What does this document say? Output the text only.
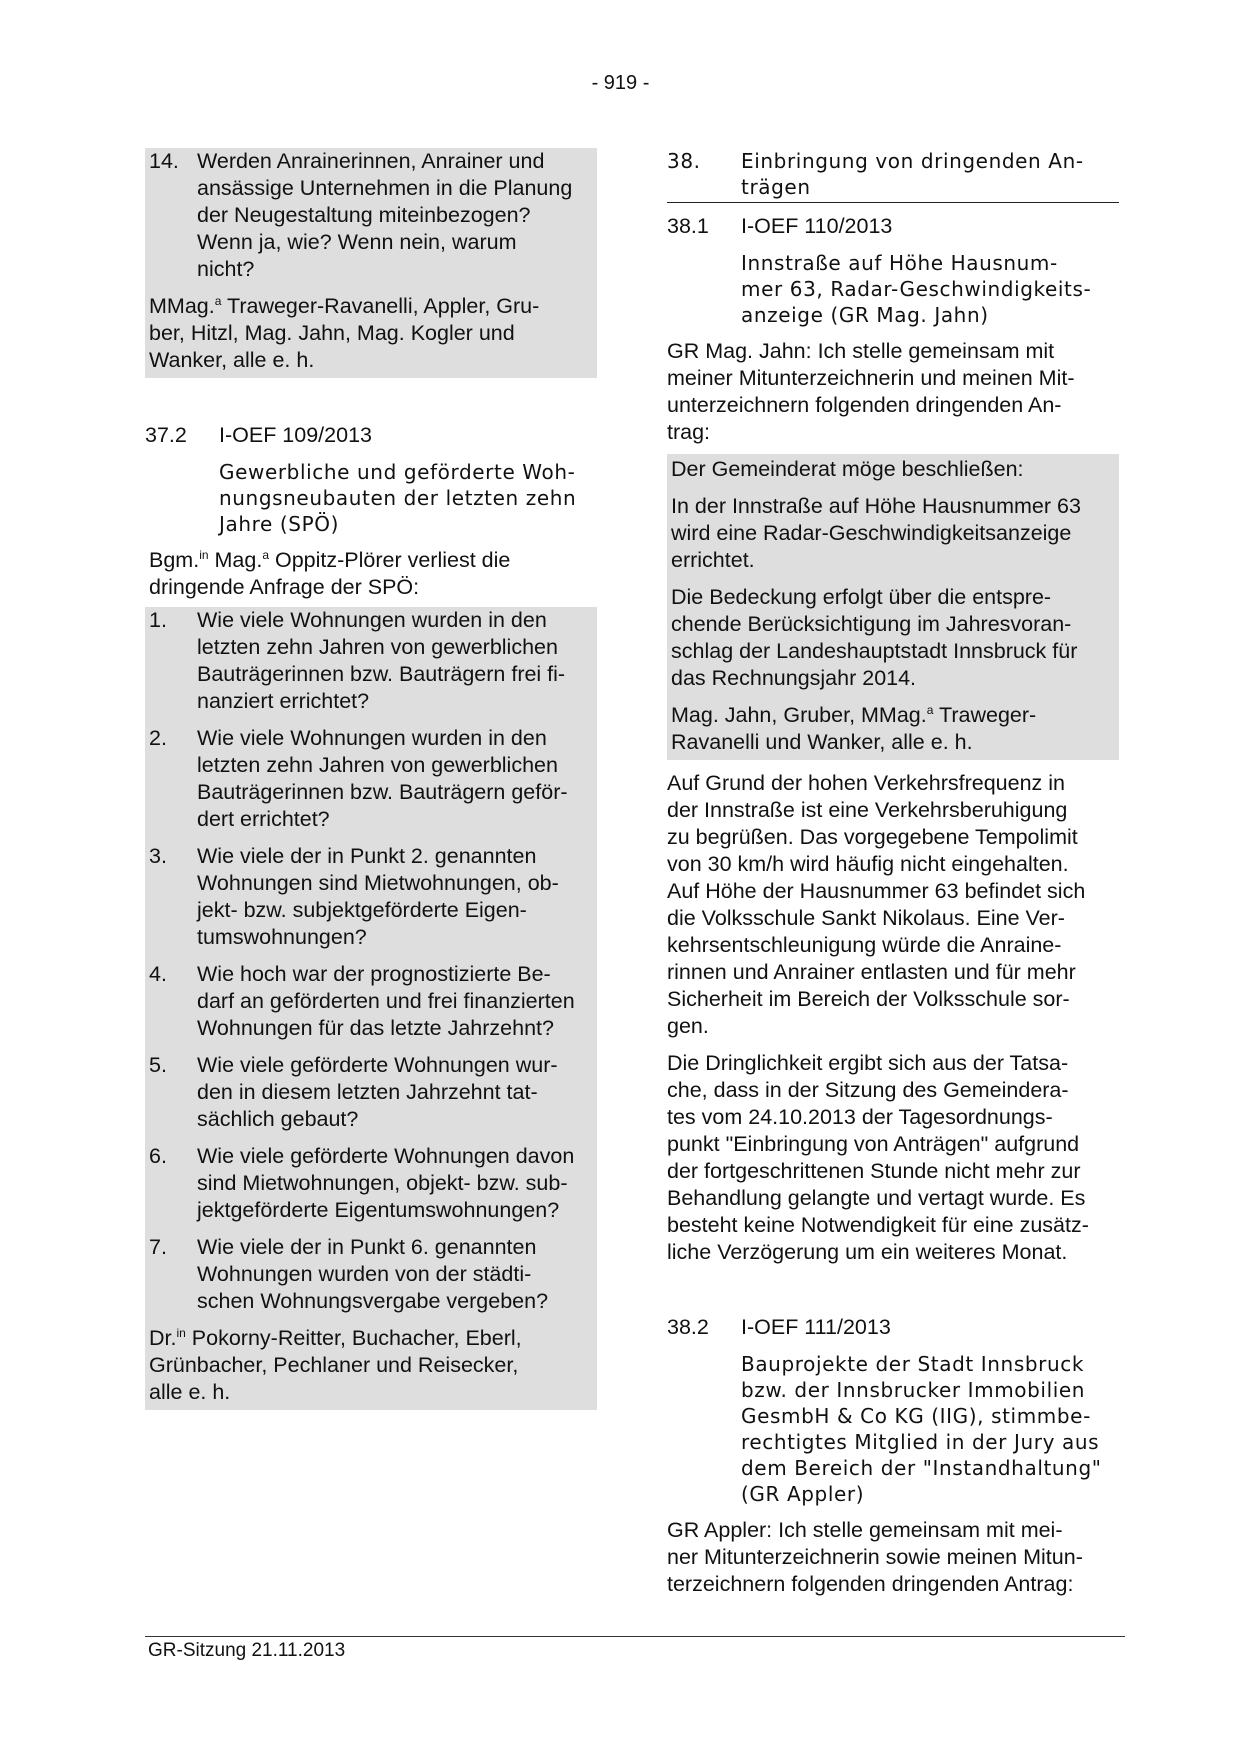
- 919 -
14. Werden Anrainerinnen, Anrainer und
ansässige Unternehmen in die Planung
der Neugestaltung miteinbezogen?
Wenn ja, wie? Wenn nein, warum
nicht?
MMag.$^a$ Traweger-Ravanelli, Appler, Gru-
ber, Hitzl, Mag. Jahn, Mag. Kogler und
Wanker, alle e. h.
37.2	I-OEF 109/2013
Gewerbliche und geförderte Woh-
nungsneubauten der letzten zehn
Jahre (SPÖ)
Bgm.$^{in}$ Mag.$^a$ Oppitz-Plörer verliest die
dringende Anfrage der SPÖ:
1.	Wie viele Wohnungen wurden in den
letzten zehn Jahren von gewerblichen
Bauträgerinnen bzw. Bauträgern frei fi-
nanziert errichtet?
2.	Wie viele Wohnungen wurden in den
letzten zehn Jahren von gewerblichen
Bauträgerinnen bzw. Bauträgern geför-
dert errichtet?
3.	Wie viele der in Punkt 2. genannten
Wohnungen sind Mietwohnungen, ob-
jekt- bzw. subjektgeförderte Eigen-
tumswohnungen?
4.	Wie hoch war der prognostizierte Be-
darf an geförderten und frei finanzierten
Wohnungen für das letzte Jahrzehnt?
5.	Wie viele geförderte Wohnungen wur-
den in diesem letzten Jahrzehnt tat-
sächlich gebaut?
6.	Wie viele geförderte Wohnungen davon
sind Mietwohnungen, objekt- bzw. sub-
jektgeförderte Eigentumswohnungen?
7.	Wie viele der in Punkt 6. genannten
Wohnungen wurden von der städti-
schen Wohnungsvergabe vergeben?
Dr.$^{in}$ Pokorny-Reitter, Buchacher, Eberl,
Grünbacher, Pechlaner und Reisecker,
alle e. h.
38.	Einbringung von dringenden An-
trägen
38.1	I-OEF 110/2013
Innstraße auf Höhe Hausnum-
mer 63, Radar-Geschwindigkeits-
anzeige (GR Mag. Jahn)
GR Mag. Jahn: Ich stelle gemeinsam mit
meiner Mitunterzeichnerin und meinen Mit-
unterzeichnern folgenden dringenden An-
trag:
Der Gemeinderat möge beschließen:
In der Innstraße auf Höhe Hausnummer 63
wird eine Radar-Geschwindigkeitsanzeige
errichtet.
Die Bedeckung erfolgt über die entspre-
chende Berücksichtigung im Jahresvoran-
schlag der Landeshauptstadt Innsbruck für
das Rechnungsjahr 2014.
Mag. Jahn, Gruber, MMag.$^a$ Traweger-
Ravanelli und Wanker, alle e. h.
Auf Grund der hohen Verkehrsfrequenz in
der Innstraße ist eine Verkehrsberuhigung
zu begrüßen. Das vorgegebene Tempolimit
von 30 km/h wird häufig nicht eingehalten.
Auf Höhe der Hausnummer 63 befindet sich
die Volksschule Sankt Nikolaus. Eine Ver-
kehrsentschleunigung würde die Anraine-
rinnen und Anrainer entlasten und für mehr
Sicherheit im Bereich der Volksschule sor-
gen.
Die Dringlichkeit ergibt sich aus der Tatsa-
che, dass in der Sitzung des Gemeindera-
tes vom 24.10.2013 der Tagesordnungs-
punkt "Einbringung von Anträgen" aufgrund
der fortgeschrittenen Stunde nicht mehr zur
Behandlung gelangte und vertagt wurde. Es
besteht keine Notwendigkeit für eine zusätz-
liche Verzögerung um ein weiteres Monat.
38.2	I-OEF 111/2013
Bauprojekte der Stadt Innsbruck
bzw. der Innsbrucker Immobilien
GesmbH & Co KG (IIG), stimmbe-
rechtigtes Mitglied in der Jury aus
dem Bereich der "Instandhaltung"
(GR Appler)
GR Appler: Ich stelle gemeinsam mit mei-
ner Mitunterzeichnerin sowie meinen Mitun-
terzeichnern folgenden dringenden Antrag:
GR-Sitzung 21.11.2013
